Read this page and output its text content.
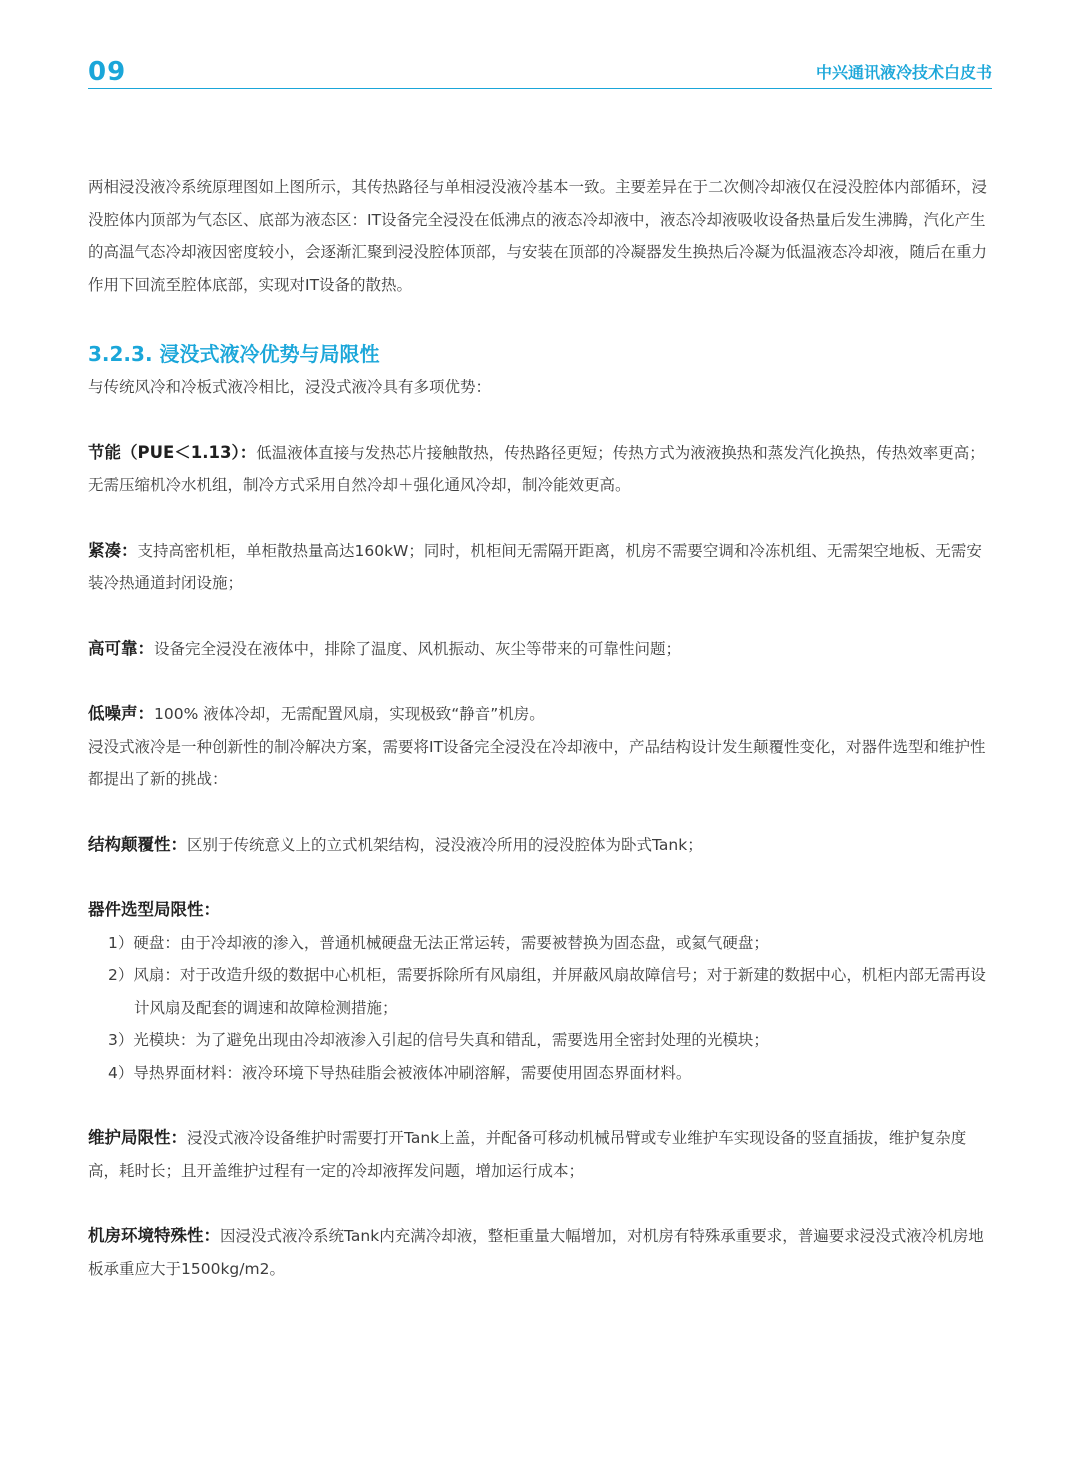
09	中兴通讯液冷技术白皮书

两相浸没液冷系统原理图如上图所示，其传热路径与单相浸没液冷基本一致。主要差异在于二次侧冷却液仅在浸没腔体内部循环，浸没腔体内顶部为气态区、底部为液态区：IT设备完全浸没在低沸点的液态冷却液中，液态冷却液吸收设备热量后发生沸腾，汽化产生的高温气态冷却液因密度较小，会逐渐汇聚到浸没腔体顶部，与安装在顶部的冷凝器发生换热后冷凝为低温液态冷却液，随后在重力作用下回流至腔体底部，实现对IT设备的散热。

3.2.3. 浸没式液冷优势与局限性

与传统风冷和冷板式液冷相比，浸没式液冷具有多项优势：

节能（PUE＜1.13）：低温液体直接与发热芯片接触散热，传热路径更短；传热方式为液液换热和蒸发汽化换热，传热效率更高；无需压缩机冷水机组，制冷方式采用自然冷却＋强化通风冷却，制冷能效更高。

紧凑：支持高密机柜，单柜散热量高达160kW；同时，机柜间无需隔开距离，机房不需要空调和冷冻机组、无需架空地板、无需安装冷热通道封闭设施；

高可靠：设备完全浸没在液体中，排除了温度、风机振动、灰尘等带来的可靠性问题；

低噪声：100% 液体冷却，无需配置风扇，实现极致“静音”机房。

浸没式液冷是一种创新性的制冷解决方案，需要将IT设备完全浸没在冷却液中，产品结构设计发生颠覆性变化，对器件选型和维护性都提出了新的挑战：

结构颠覆性：区别于传统意义上的立式机架结构，浸没液冷所用的浸没腔体为卧式Tank；

器件选型局限性：

1）硬盘：由于冷却液的渗入，普通机械硬盘无法正常运转，需要被替换为固态盘，或氦气硬盘；
2）风扇：对于改造升级的数据中心机柜，需要拆除所有风扇组，并屏蔽风扇故障信号；对于新建的数据中心，机柜内部无需再设计风扇及配套的调速和故障检测措施；
3）光模块：为了避免出现由冷却液渗入引起的信号失真和错乱，需要选用全密封处理的光模块；
4）导热界面材料：液冷环境下导热硅脂会被液体冲刷溶解，需要使用固态界面材料。

维护局限性：浸没式液冷设备维护时需要打开Tank上盖，并配备可移动机械吊臂或专业维护车实现设备的竖直插拔，维护复杂度高，耗时长；且开盖维护过程有一定的冷却液挥发问题，增加运行成本；

机房环境特殊性：因浸没式液冷系统Tank内充满冷却液，整柜重量大幅增加，对机房有特殊承重要求，普遍要求浸没式液冷机房地板承重应大于1500kg/m2。
